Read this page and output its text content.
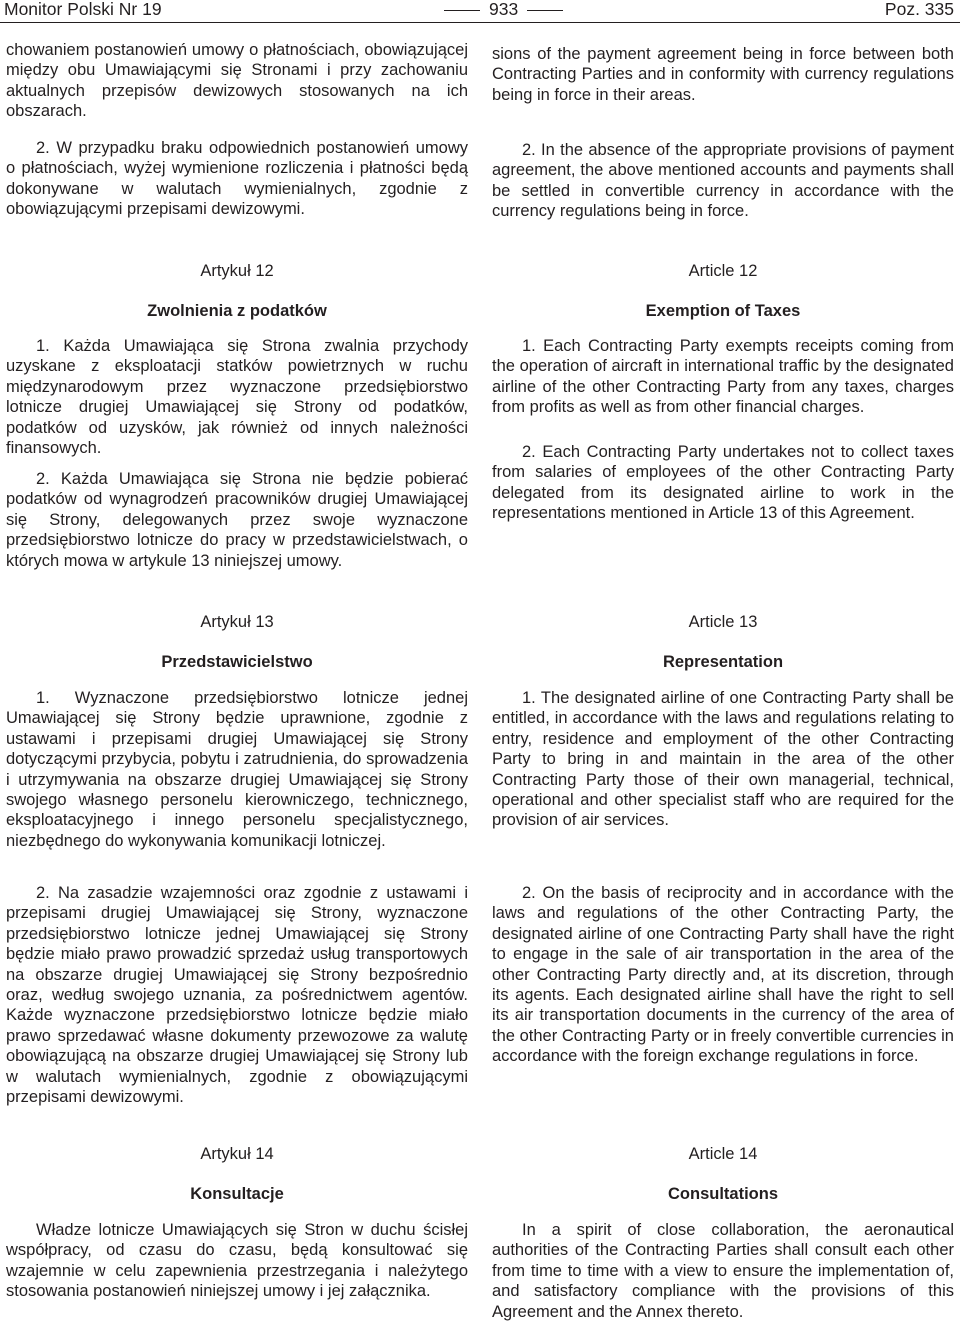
Monitor Polski Nr 19	933	Poz. 335

chowaniem postanowień umowy o płatnościach, obowiązującej między obu Umawiającymi się Stronami i przy zachowaniu aktualnych przepisów dewizowych stosowanych na ich obszarach.

2. W przypadku braku odpowiednich postanowień umowy o płatnościach, wyżej wymienione rozliczenia i płatności będą dokonywane w walutach wymienialnych, zgodnie z obowiązującymi przepisami dewizowymi.

Artykuł 12

Zwolnienia z podatków

1. Każda Umawiająca się Strona zwalnia przychody uzyskane z eksploatacji statków powietrznych w ruchu międzynarodowym przez wyznaczone przedsiębiorstwo lotnicze drugiej Umawiającej się Strony od podatków, podatków od uzysków, jak również od innych należności finansowych.

2. Każda Umawiająca się Strona nie będzie pobierać podatków od wynagrodzeń pracowników drugiej Umawiającej się Strony, delegowanych przez swoje wyznaczone przedsiębiorstwo lotnicze do pracy w przedstawicielstwach, o których mowa w artykule 13 niniejszej umowy.

Artykuł 13

Przedstawicielstwo

1. Wyznaczone przedsiębiorstwo lotnicze jednej Umawiającej się Strony będzie uprawnione, zgodnie z ustawami i przepisami drugiej Umawiającej się Strony dotyczącymi przybycia, pobytu i zatrudnienia, do sprowadzenia i utrzymywania na obszarze drugiej Umawiającej się Strony swojego własnego personelu kierowniczego, technicznego, eksploatacyjnego i innego personelu specjalistycznego, niezbędnego do wykonywania komunikacji lotniczej.

2. Na zasadzie wzajemności oraz zgodnie z ustawami i przepisami drugiej Umawiającej się Strony, wyznaczone przedsiębiorstwo lotnicze jednej Umawiającej się Strony będzie miało prawo prowadzić sprzedaż usług transportowych na obszarze drugiej Umawiającej się Strony bezpośrednio oraz, według swojego uznania, za pośrednictwem agentów. Każde wyznaczone przedsiębiorstwo lotnicze będzie miało prawo sprzedawać własne dokumenty przewozowe za walutę obowiązującą na obszarze drugiej Umawiającej się Strony lub w walutach wymienialnych, zgodnie z obowiązującymi przepisami dewizowymi.

Artykuł 14

Konsultacje

Władze lotnicze Umawiających się Stron w duchu ścisłej współpracy, od czasu do czasu, będą konsultować się wzajemnie w celu zapewnienia przestrzegania i należytego stosowania postanowień niniejszej umowy i jej załącznika.

sions of the payment agreement being in force between both Contracting Parties and in conformity with currency regulations being in force in their areas.

2. In the absence of the appropriate provisions of payment agreement, the above mentioned accounts and payments shall be settled in convertible currency in accordance with the currency regulations being in force.

Article 12

Exemption of Taxes

1. Each Contracting Party exempts receipts coming from the operation of aircraft in international traffic by the designated airline of the other Contracting Party from any taxes, charges from profits as well as from other financial charges.

2. Each Contracting Party undertakes not to collect taxes from salaries of employees of the other Contracting Party delegated from its designated airline to work in the representations mentioned in Article 13 of this Agreement.

Article 13

Representation

1. The designated airline of one Contracting Party shall be entitled, in accordance with the laws and regulations relating to entry, residence and employment of the other Contracting Party to bring in and maintain in the area of the other Contracting Party those of their own managerial, technical, operational and other specialist staff who are required for the provision of air services.

2. On the basis of reciprocity and in accordance with the laws and regulations of the other Contracting Party, the designated airline of one Contracting Party shall have the right to engage in the sale of air transportation in the area of the other Contracting Party directly and, at its discretion, through its agents. Each designated airline shall have the right to sell its air transportation documents in the currency of the area of the other Contracting Party or in freely convertible currencies in accordance with the foreign exchange regulations in force.

Article 14

Consultations

In a spirit of close collaboration, the aeronautical authorities of the Contracting Parties shall consult each other from time to time with a view to ensure the implementation of, and satisfactory compliance with the provisions of this Agreement and the Annex thereto.
